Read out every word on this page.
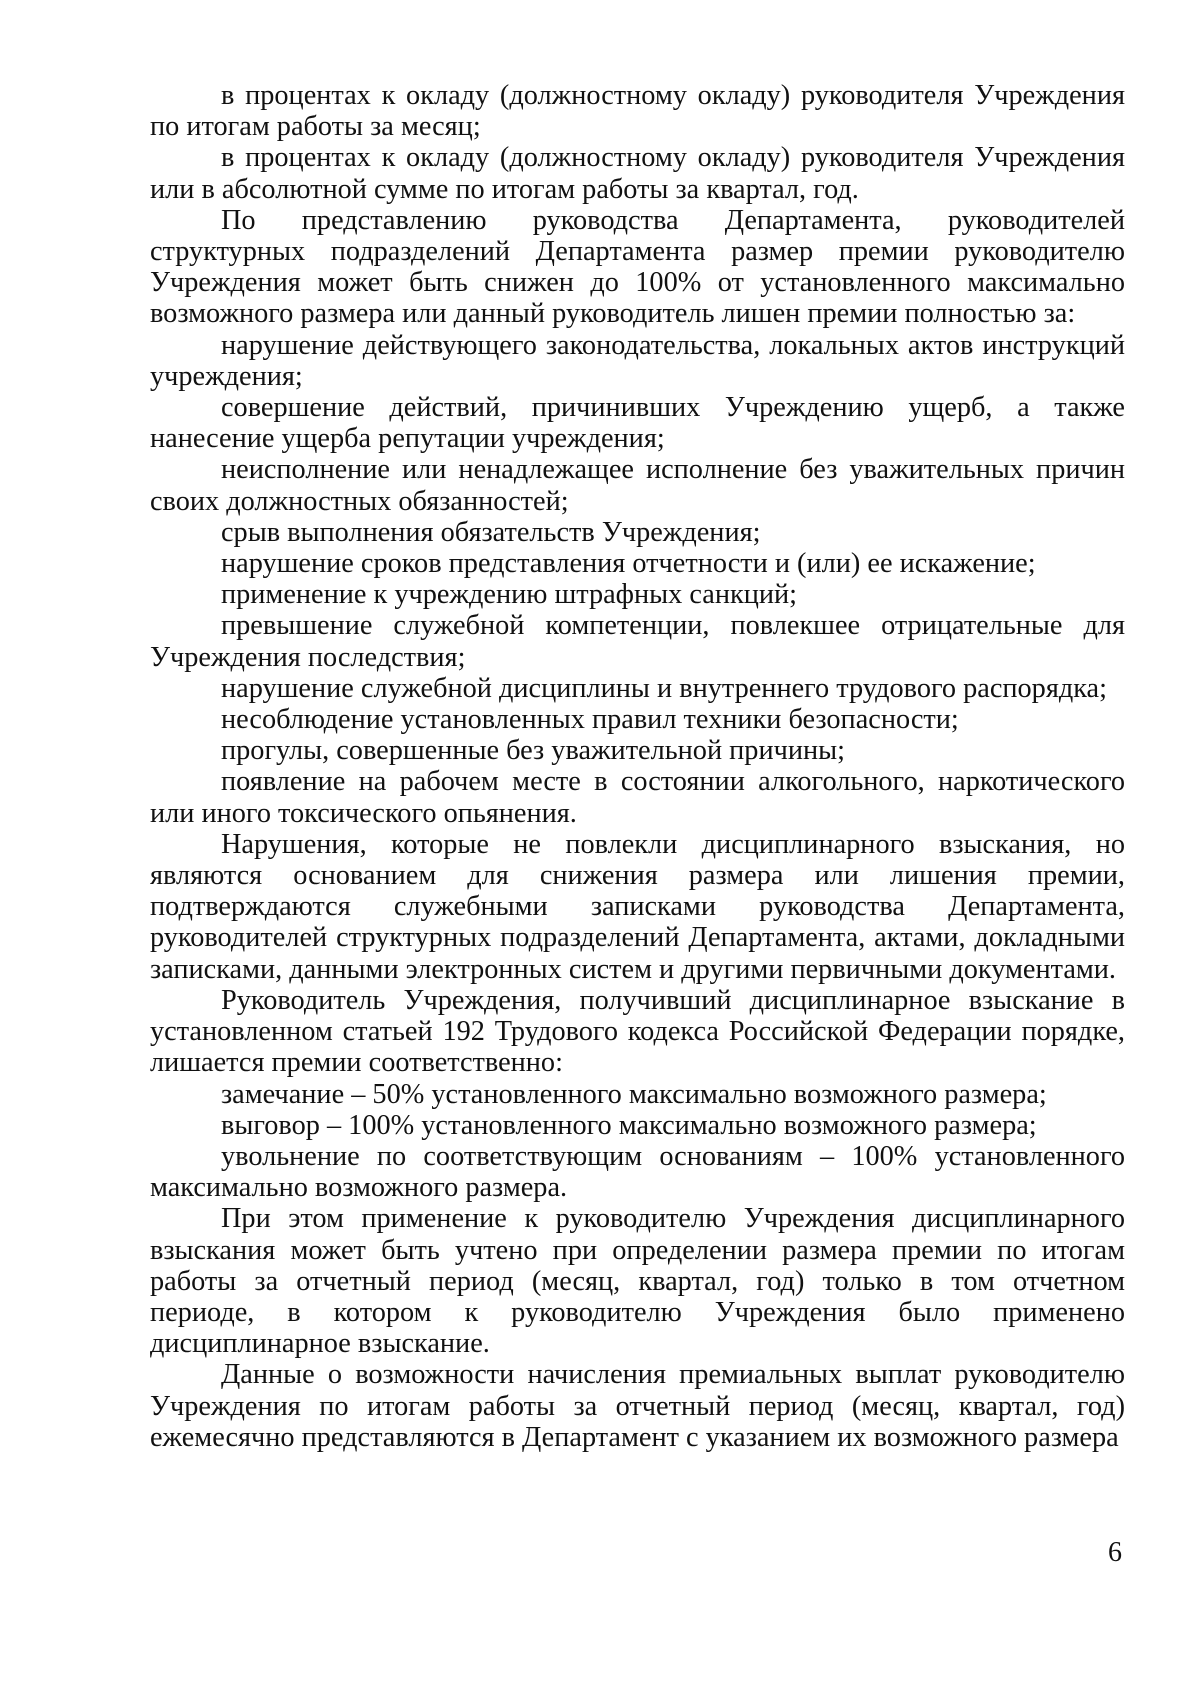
в процентах к окладу (должностному окладу) руководителя Учреждения по итогам работы за месяц;

в процентах к окладу (должностному окладу) руководителя Учреждения или в абсолютной сумме по итогам работы за квартал, год.

По представлению руководства Департамента, руководителей структурных подразделений Департамента размер премии руководителю Учреждения может быть снижен до 100% от установленного максимально возможного размера или данный руководитель лишен премии полностью за:

нарушение действующего законодательства, локальных актов инструкций учреждения;

совершение действий, причинивших Учреждению ущерб, а также нанесение ущерба репутации учреждения;

неисполнение или ненадлежащее исполнение без уважительных причин своих должностных обязанностей;

срыв выполнения обязательств Учреждения;

нарушение сроков представления отчетности и (или) ее искажение;

применение к учреждению штрафных санкций;

превышение служебной компетенции, повлекшее отрицательные для Учреждения последствия;

нарушение служебной дисциплины и внутреннего трудового распорядка;

несоблюдение установленных правил техники безопасности;

прогулы, совершенные без уважительной причины;

появление на рабочем месте в состоянии алкогольного, наркотического или иного токсического опьянения.

Нарушения, которые не повлекли дисциплинарного взыскания, но являются основанием для снижения размера или лишения премии, подтверждаются служебными записками руководства Департамента, руководителей структурных подразделений Департамента, актами, докладными записками, данными электронных систем и другими первичными документами.

Руководитель Учреждения, получивший дисциплинарное взыскание в установленном статьей 192 Трудового кодекса Российской Федерации порядке, лишается премии соответственно:

замечание – 50% установленного максимально возможного размера;

выговор – 100% установленного максимально возможного размера;

увольнение по соответствующим основаниям – 100% установленного максимально возможного размера.

При этом применение к руководителю Учреждения дисциплинарного взыскания может быть учтено при определении размера премии по итогам работы за отчетный период (месяц, квартал, год) только в том отчетном периоде, в котором к руководителю Учреждения было применено дисциплинарное взыскание.

Данные о возможности начисления премиальных выплат руководителю Учреждения по итогам работы за отчетный период (месяц, квартал, год) ежемесячно представляются в Департамент с указанием их возможного размера

6
